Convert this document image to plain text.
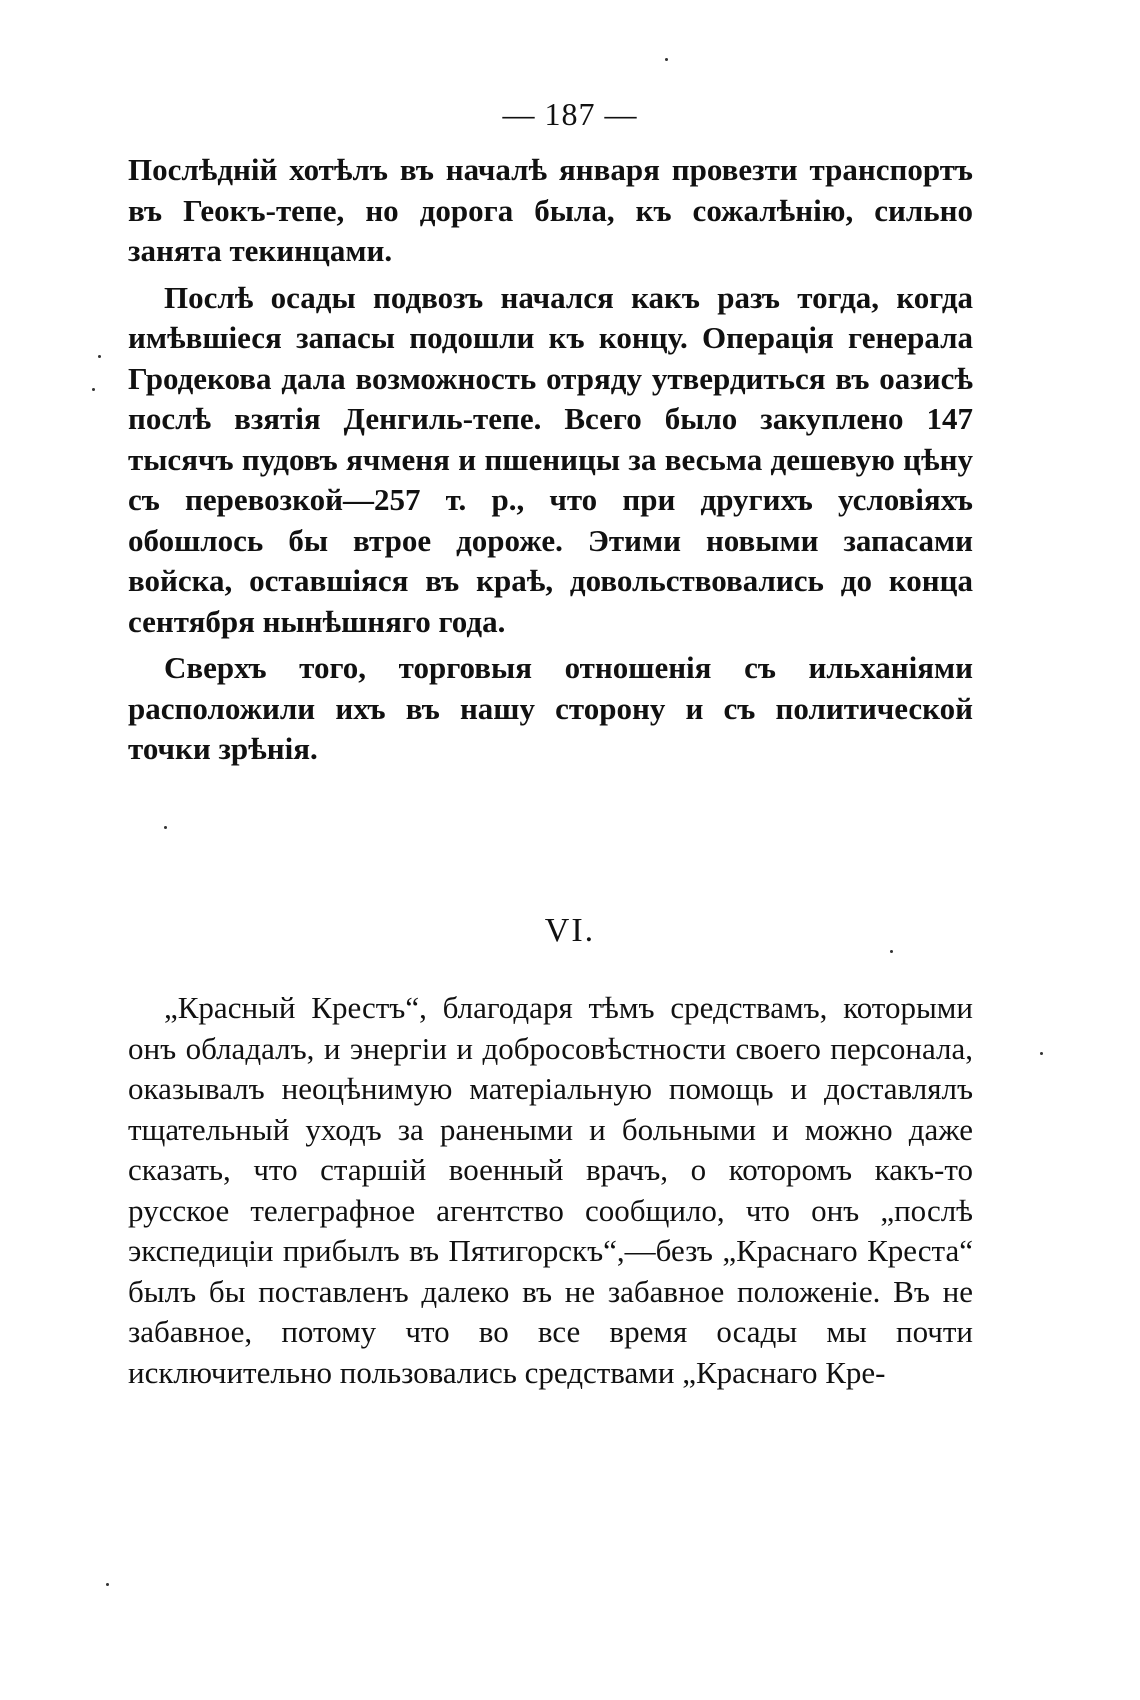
— 187 —

Послѣдній хотѣлъ въ началѣ января провезти транспортъ въ Геокъ-тепе, но дорога была, къ сожалѣнію, сильно занята текинцами.

Послѣ осады подвозъ начался какъ разъ тогда, когда имѣвшіеся запасы подошли къ концу. Операція генерала Гродекова дала возможность отряду утвердиться въ оазисѣ послѣ взятія Денгиль-тепе. Всего было закуплено 147 тысячъ пудовъ ячменя и пшеницы за весьма дешевую цѣну съ перевозкой—257 т. р., что при другихъ условіяхъ обошлось бы втрое дороже. Этими новыми запасами войска, оставшіяся въ краѣ, довольствовались до конца сентября нынѣшняго года.

Сверхъ того, торговыя отношенія съ ильханіями расположили ихъ въ нашу сторону и съ политической точки зрѣнія.

VI.

„Красный Крестъ“, благодаря тѣмъ средствамъ, которыми онъ обладалъ, и энергіи и добросовѣстности своего персонала, оказывалъ неоцѣнимую матеріальную помощь и доставлялъ тщательный уходъ за ранеными и больными и можно даже сказать, что старшій военный врачъ, о которомъ какъ-то русское телеграфное агентство сообщило, что онъ „послѣ экспедиціи прибылъ въ Пятигорскъ“,—безъ „Краснаго Креста“ былъ бы поставленъ далеко въ не забавное положеніе. Въ не забавное, потому что во все время осады мы почти исключительно пользовались средствами „Краснаго Кре-
